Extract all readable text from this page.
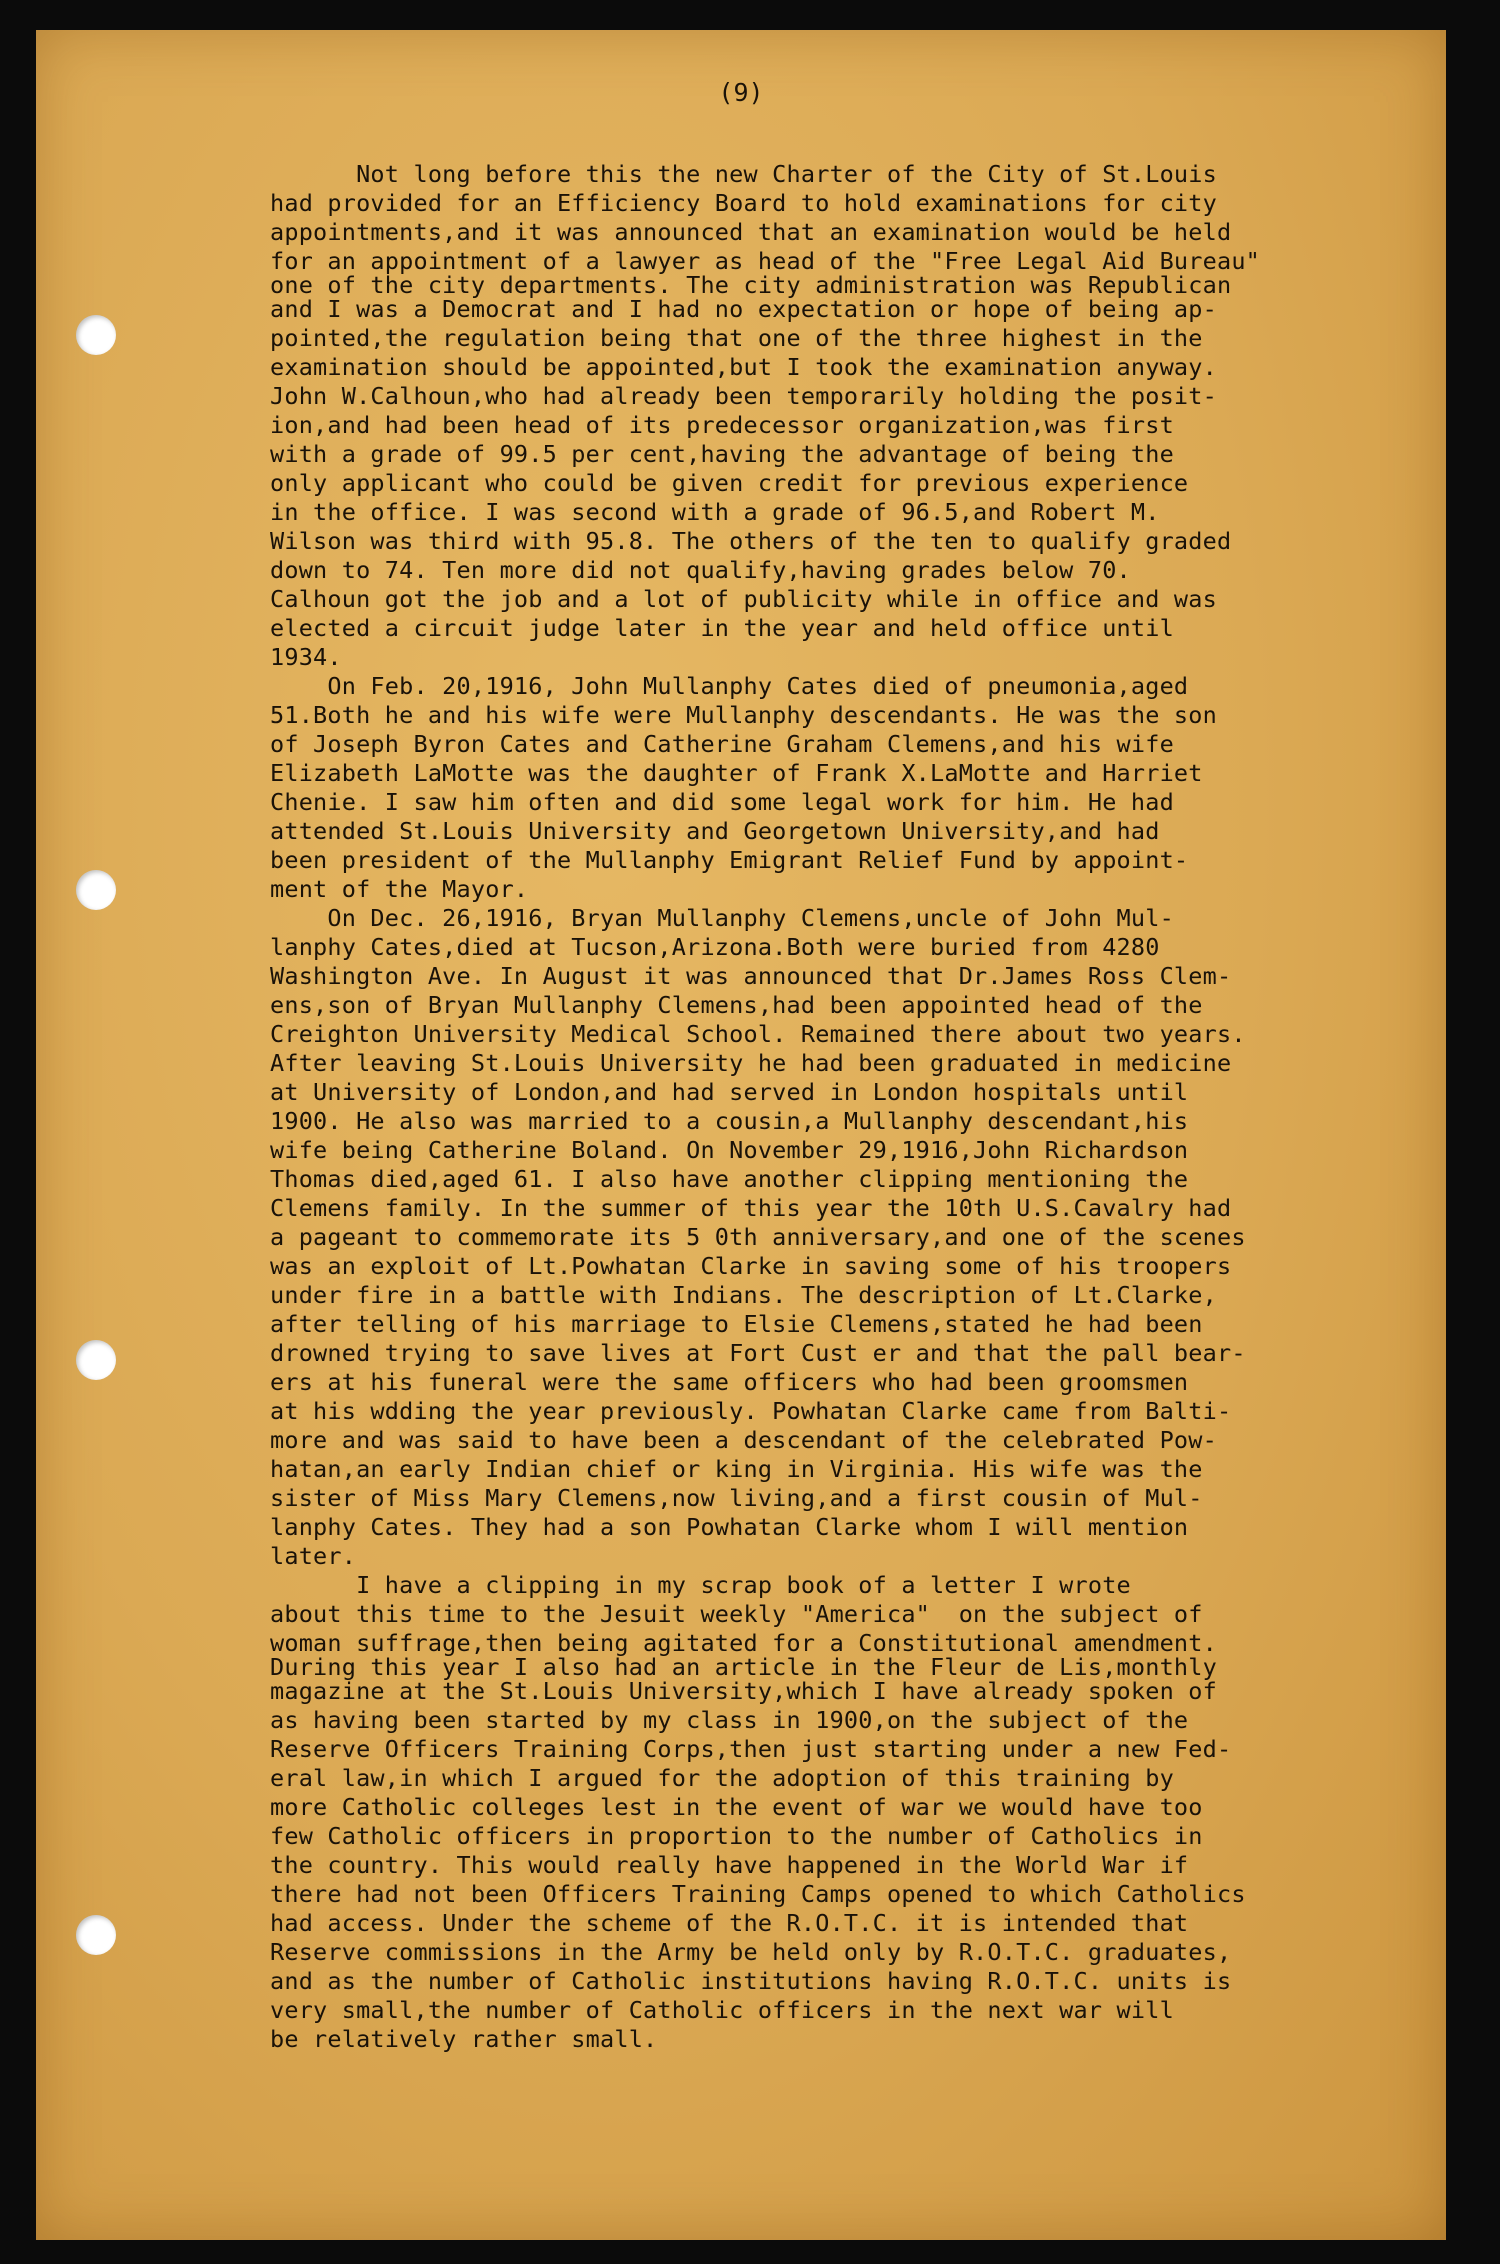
(9)
Not long before this the new Charter of the City of St.Louis
had provided for an Efficiency Board to hold examinations for city
appointments,and it was announced that an examination would be held
for an appointment of a lawyer as head of the "Free Legal Aid Bureau"
one of the city departments. The city administration was Republican
and I was a Democrat and I had no expectation or hope of being ap-
pointed,the regulation being that one of the three highest in the
examination should be appointed,but I took the examination anyway.
John W.Calhoun,who had already been temporarily holding the posit-
ion,and had been head of its predecessor organization,was first
with a grade of 99.5 per cent,having the advantage of being the
only applicant who could be given credit for previous experience
in the office. I was second with a grade of 96.5,and Robert M.
Wilson was third with 95.8. The others of the ten to qualify graded
down to 74. Ten more did not qualify,having grades below 70.
Calhoun got the job and a lot of publicity while in office and was
elected a circuit judge later in the year and held office until
1934.
On Feb. 20,1916, John Mullanphy Cates died of pneumonia,aged
51.Both he and his wife were Mullanphy descendants. He was the son
of Joseph Byron Cates and Catherine Graham Clemens,and his wife
Elizabeth LaMotte was the daughter of Frank X.LaMotte and Harriet
Chenie. I saw him often and did some legal work for him. He had
attended St.Louis University and Georgetown University,and had
been president of the Mullanphy Emigrant Relief Fund by appoint-
ment of the Mayor.
On Dec. 26,1916, Bryan Mullanphy Clemens,uncle of John Mul-
lanphy Cates,died at Tucson,Arizona.Both were buried from 4280
Washington Ave. In August it was announced that Dr.James Ross Clem-
ens,son of Bryan Mullanphy Clemens,had been appointed head of the
Creighton University Medical School. Remained there about two years.
After leaving St.Louis University he had been graduated in medicine
at University of London,and had served in London hospitals until
1900. He also was married to a cousin,a Mullanphy descendant,his
wife being Catherine Boland. On November 29,1916,John Richardson
Thomas died,aged 61. I also have another clipping mentioning the
Clemens family. In the summer of this year the 10th U.S.Cavalry had
a pageant to commemorate its 5 0th anniversary,and one of the scenes
was an exploit of Lt.Powhatan Clarke in saving some of his troopers
under fire in a battle with Indians. The description of Lt.Clarke,
after telling of his marriage to Elsie Clemens,stated he had been
drowned trying to save lives at Fort Cust er and that the pall bear-
ers at his funeral were the same officers who had been groomsmen
at his wdding the year previously. Powhatan Clarke came from Balti-
more and was said to have been a descendant of the celebrated Pow-
hatan,an early Indian chief or king in Virginia. His wife was the
sister of Miss Mary Clemens,now living,and a first cousin of Mul-
lanphy Cates. They had a son Powhatan Clarke whom I will mention
later.
I have a clipping in my scrap book of a letter I wrote
about this time to the Jesuit weekly "America"  on the subject of
woman suffrage,then being agitated for a Constitutional amendment.
During this year I also had an article in the Fleur de Lis,monthly
magazine at the St.Louis University,which I have already spoken of
as having been started by my class in 1900,on the subject of the
Reserve Officers Training Corps,then just starting under a new Fed-
eral law,in which I argued for the adoption of this training by
more Catholic colleges lest in the event of war we would have too
few Catholic officers in proportion to the number of Catholics in
the country. This would really have happened in the World War if
there had not been Officers Training Camps opened to which Catholics
had access. Under the scheme of the R.O.T.C. it is intended that
Reserve commissions in the Army be held only by R.O.T.C. graduates,
and as the number of Catholic institutions having R.O.T.C. units is
very small,the number of Catholic officers in the next war will
be relatively rather small.
